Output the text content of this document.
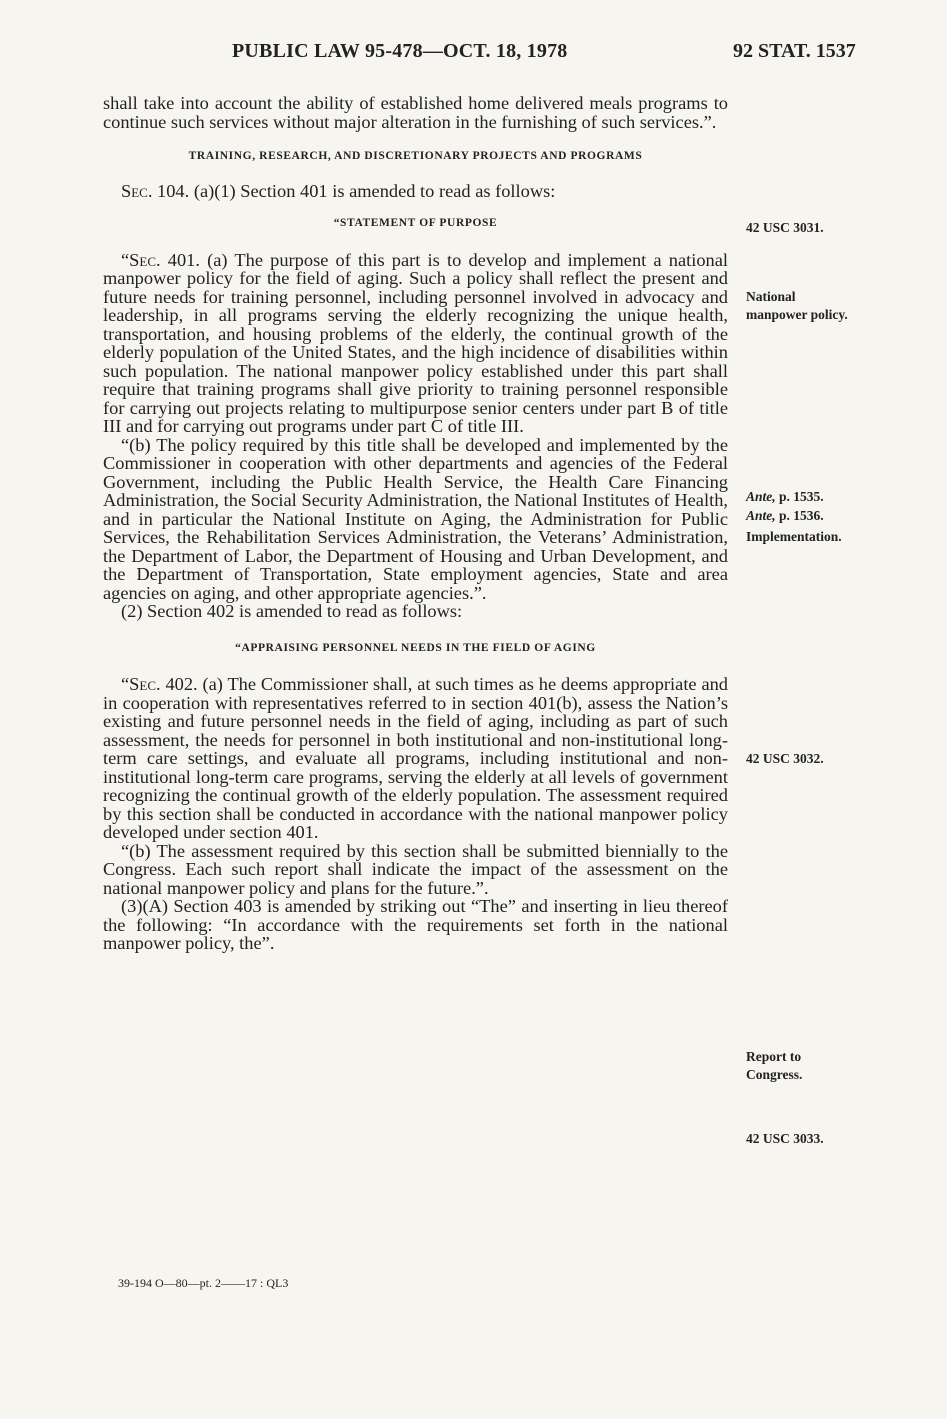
PUBLIC LAW 95-478—OCT. 18, 1978	92 STAT. 1537

shall take into account the ability of established home delivered meals programs to continue such services without major alteration in the furnishing of such services.”.

TRAINING, RESEARCH, AND DISCRETIONARY PROJECTS AND PROGRAMS

Sec. 104. (a)(1) Section 401 is amended to read as follows:

“STATEMENT OF PURPOSE

“Sec. 401. (a) The purpose of this part is to develop and implement a national manpower policy for the field of aging. Such a policy shall reflect the present and future needs for training personnel, including personnel involved in advocacy and leadership, in all programs serving the elderly recognizing the unique health, transportation, and housing problems of the elderly, the continual growth of the elderly population of the United States, and the high incidence of disabilities within such population. The national manpower policy established under this part shall require that training programs shall give priority to training personnel responsible for carrying out projects relating to multipurpose senior centers under part B of title III and for carrying out programs under part C of title III.

“(b) The policy required by this title shall be developed and implemented by the Commissioner in cooperation with other departments and agencies of the Federal Government, including the Public Health Service, the Health Care Financing Administration, the Social Security Administration, the National Institutes of Health, and in particular the National Institute on Aging, the Administration for Public Services, the Rehabilitation Services Administration, the Veterans’ Administration, the Department of Labor, the Department of Housing and Urban Development, and the Department of Transportation, State employment agencies, State and area agencies on aging, and other appropriate agencies.”.

(2) Section 402 is amended to read as follows:

“APPRAISING PERSONNEL NEEDS IN THE FIELD OF AGING

“Sec. 402. (a) The Commissioner shall, at such times as he deems appropriate and in cooperation with representatives referred to in section 401(b), assess the Nation’s existing and future personnel needs in the field of aging, including as part of such assessment, the needs for personnel in both institutional and non-institutional long-term care settings, and evaluate all programs, including institutional and non-institutional long-term care programs, serving the elderly at all levels of government recognizing the continual growth of the elderly population. The assessment required by this section shall be conducted in accordance with the national manpower policy developed under section 401.

“(b) The assessment required by this section shall be submitted biennially to the Congress. Each such report shall indicate the impact of the assessment on the national manpower policy and plans for the future.”.

(3)(A) Section 403 is amended by striking out “The” and inserting in lieu thereof the following: “In accordance with the requirements set forth in the national manpower policy, the”.

42 USC 3031.
National
manpower policy.
Ante, p. 1535.
Ante, p. 1536.
Implementation.
42 USC 3032.
Report to
Congress.
42 USC 3033.
39-194 O—80—pt. 2——17 : QL3
